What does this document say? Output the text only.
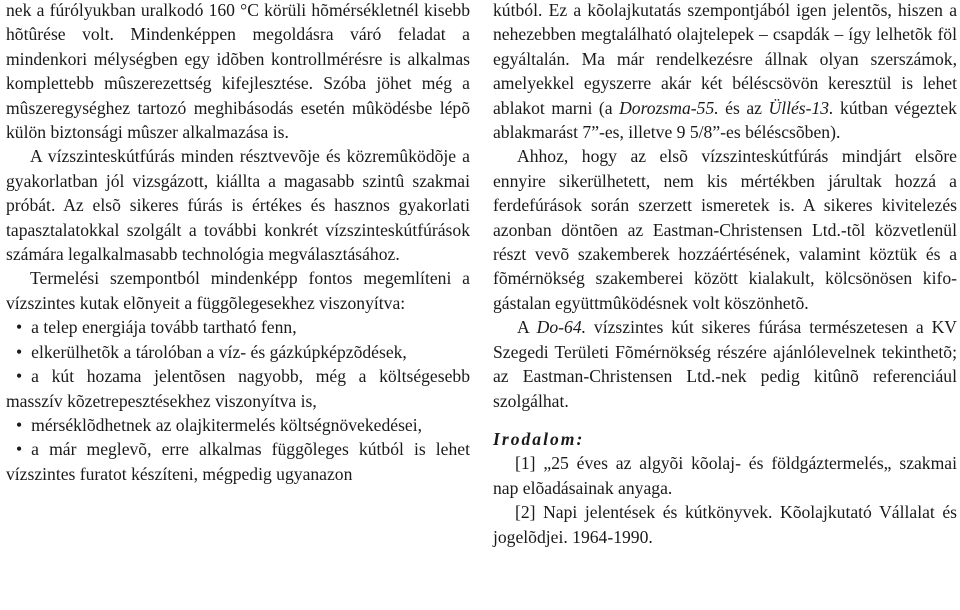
nek a fúrólyukban uralkodó 160 °C körüli hõmérsékletnél kisebb hõtûrése volt. Mindenképpen megoldásra váró feladat a mindenkori mélységben egy idõben kontrollmérésre is alkalmas komplettebb mûszerezettség kifejlesztése. Szóba jöhet még a mûszeregységhez tartozó meghibásodás esetén mûködésbe lépõ külön biztonsági mûszer alkalmazása is.

A vízszinteskútfúrás minden résztvevõje és közremûködõje a gyakorlatban jól vizsgázott, kiállta a magasabb szintû szakmai próbát. Az elsõ sikeres fúrás is értékes és hasznos gyakorlati tapasztalatokkal szolgált a további konkrét vízszinteskútfúrások számára legalkalmasabb technológia megválasztásához.

Termelési szempontból mindenképp fontos megemlíteni a vízszintes kutak elõnyeit a függõlegesekhez viszonyítva:

• a telep energiája tovább tartható fenn,

• elkerülhetõk a tárolóban a víz- és gázkúpképzõdések,

• a kút hozama jelentõsen nagyobb, még a költségesebb masszív kõzetrepesztésekhez viszonyítva is,

• mérséklõdhetnek az olajkitermelés költségnövekedései,

• a már meglevõ, erre alkalmas függõleges kútból is lehet vízszintes furatot készíteni, mégpedig ugyanazon

kútból. Ez a kõolajkutatás szempontjából igen jelentõs, hiszen a nehezebben megtalálható olajtelepek – csapdák – így lelhetõk föl egyáltalán. Ma már rendelkezésre állnak olyan szerszámok, amelyekkel egyszerre akár két béléscsövön keresztül is lehet ablakot marni (a Dorozsma-55. és az Üllés-13. kútban végeztek ablakmarást 7”-es, illetve 9 5/8”-es béléscsõben).

Ahhoz, hogy az elsõ vízszinteskútfúrás mindjárt elsõre ennyire sikerülhetett, nem kis mértékben járultak hozzá a ferdefúrások során szerzett ismeretek is. A sikeres kivitelezés azonban döntõen az Eastman-Christensen Ltd.-tõl közvetlenül részt vevõ szakemberek hozzáértésének, valamint köztük és a fõmérnökség szakemberei között kialakult, kölcsönösen kifogástalan együttmûködésnek volt köszönhetõ.

A Do-64. vízszintes kút sikeres fúrása természetesen a KV Szegedi Területi Fõmérnökség részére ajánlólevelnek tekinthetõ; az Eastman-Christensen Ltd.-nek pedig kitûnõ referenciául szolgálhat.

Irodalom:

[1] „25 éves az algyõi kõolaj- és földgáztermelés„ szakmai nap elõadásainak anyaga.

[2] Napi jelentések és kútkönyvek. Kõolajkutató Vállalat és jogelõdjei. 1964-1990.
